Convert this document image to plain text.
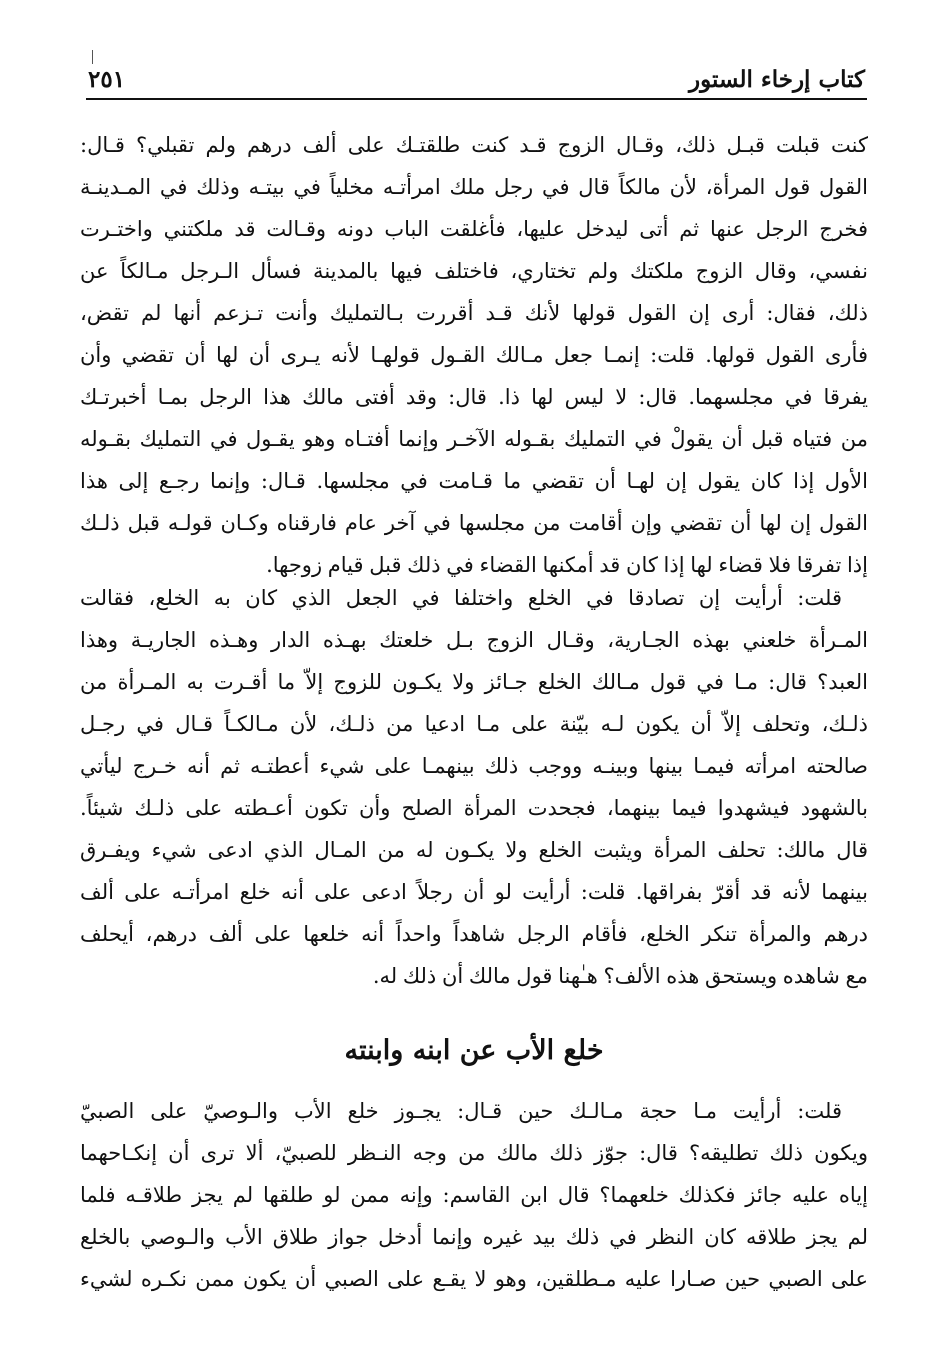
كتاب إرخاء الستور
٢٥١
كنت قبلت قبـل ذلك، وقـال الزوج قـد كنت طلقتـك على ألف درهم ولم تقبلي؟ قـال:
القول قول المرأة، لأن مالكاً قال في رجل ملك امرأتـه مخلياً في بيتـه وذلك في المـدينـة
فخرج الرجل عنها ثم أتى ليدخل عليها، فأغلقت الباب دونه وقـالت قد ملكتني واختـرت
نفسي، وقال الزوج ملكتك ولم تختاري، فاختلف فيها بالمدينة فسأل الـرجل مـالكاً عن
ذلك، فقال: أرى إن القول قولها لأنك قـد أقررت بـالتمليك وأنت تـزعم أنها لم تقض،
فأرى القول قولها. قلت: إنمـا جعل مـالك القـول قولهـا لأنه يـرى أن لها أن تقضي وأن
يفرقا في مجلسهما. قال: لا ليس لها ذا. قال: وقد أفتى مالك هذا الرجل بمـا أخبرتـك
من فتياه قبل أن يقولْ في التمليك بقـوله الآخـر وإنما أفتـاه وهو يقـول في التمليك بقـوله
الأول إذا كان يقول إن لهـا أن تقضي ما قـامت في مجلسها. قـال: وإنما رجـع إلى هذا
القول إن لها أن تقضي وإن أقامت من مجلسها في آخر عام فارقناه وكـان قولـه قبل ذلـك
إذا تفرقا فلا قضاء لها إذا كان قد أمكنها القضاء في ذلك قبل قيام زوجها.
قلت: أرأيت إن تصادقا في الخلع واختلفا في الجعل الذي كان به الخلع، فقالت
المـرأة خلعني بهذه الجـارية، وقـال الزوج بـل خلعتك بهـذه الدار وهـذه الجاريـة وهذا
العبد؟ قال: مـا في قول مـالك الخلع جـائز ولا يكـون للزوج إلاّ ما أقـرت به المـرأة من
ذلـك، وتحلف إلاّ أن يكون لـه بيّنة على مـا ادعيا من ذلـك، لأن مـالكـاً قـال في رجـل
صالحته امرأته فيمـا بينها وبينـه ووجب ذلك بينهمـا على شيء أعطتـه ثم أنه خـرج ليأتي
بالشهود فيشهدوا فيما بينهما، فجحدت المرأة الصلح وأن تكون أعـطته على ذلـك شيئاً.
قال مالك: تحلف المرأة ويثبت الخلع ولا يكـون له من المـال الذي ادعى شيء ويفـرق
بينهما لأنه قد أقرّ بفراقها. قلت: أرأيت لو أن رجلاً ادعى على أنه خلع امرأتـه على ألف
درهم والمرأة تنكر الخلع، فأقام الرجل شاهداً واحداً أنه خلعها على ألف درهم، أيحلف
مع شاهده ويستحق هذه الألف؟ هـٰهنا قول مالك أن ذلك له.
خلع الأب عن ابنه وابنته
قلت: أرأيت مـا حجة مـالـك حين قـال: يجـوز خلع الأب والـوصيّ على الصبيّ
ويكون ذلك تطليقه؟ قال: جوّز ذلك مالك من وجه النـظر للصبيّ، ألا ترى أن إنكـاحهما
إياه عليه جائز فكذلك خلعهما؟ قال ابن القاسم: وإنه ممن لو طلقها لم يجز طلاقـه فلما
لم يجز طلاقه كان النظر في ذلك بيد غيره وإنما أدخل جواز طلاق الأب والـوصي بالخلع
على الصبي حين صـارا عليه مـطلقين، وهو لا يقـع على الصبي أن يكون ممن نكـره لشيء
